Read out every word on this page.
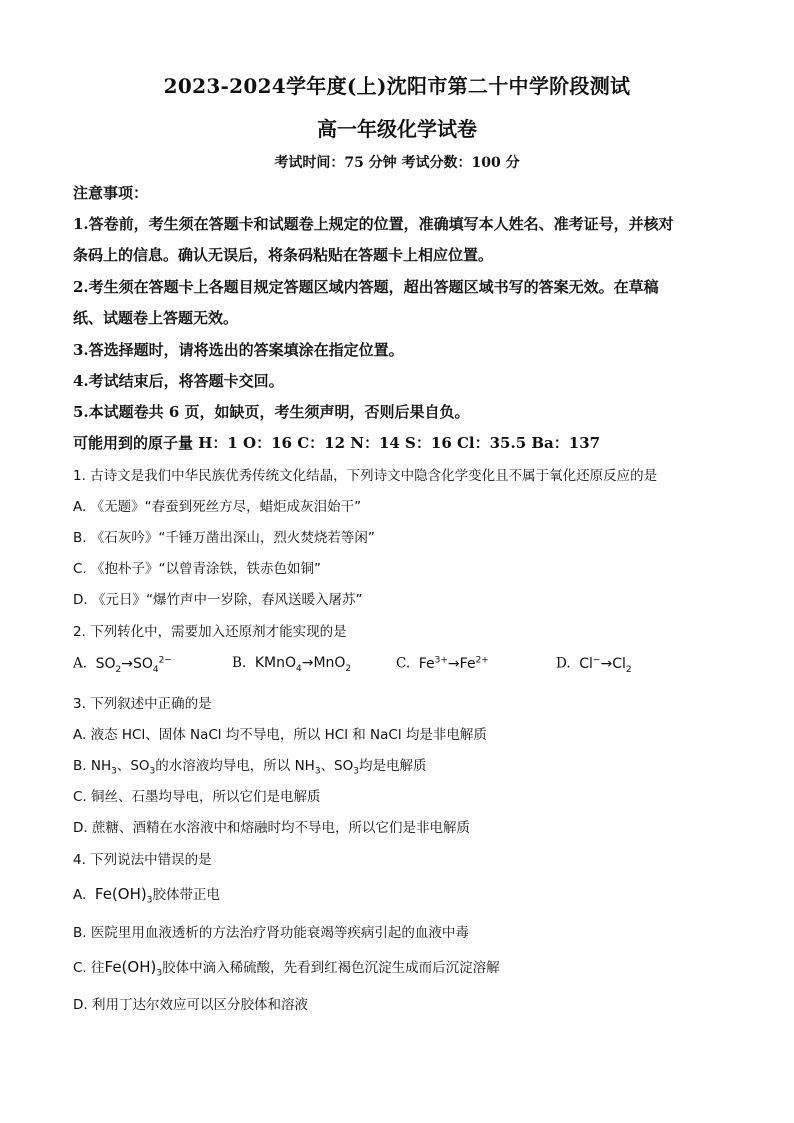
2023-2024学年度(上)沈阳市第二十中学阶段测试
高一年级化学试卷
考试时间：75 分钟 考试分数：100 分
注意事项：
1.答卷前，考生须在答题卡和试题卷上规定的位置，准确填写本人姓名、准考证号，并核对
条码上的信息。确认无误后，将条码粘贴在答题卡上相应位置。
2.考生须在答题卡上各题目规定答题区域内答题，超出答题区域书写的答案无效。在草稿
纸、试题卷上答题无效。
3.答选择题时，请将选出的答案填涂在指定位置。
4.考试结束后，将答题卡交回。
5.本试题卷共 6 页，如缺页，考生须声明，否则后果自负。
可能用到的原子量 H：1 O：16 C：12 N：14 S：16 Cl：35.5 Ba：137
1. 古诗文是我们中华民族优秀传统文化结晶，下列诗文中隐含化学变化且不属于氧化还原反应的是
A. 《无题》“春蚕到死丝方尽，蜡炬成灰泪始干”
B. 《石灰吟》“千锤万凿出深山，烈火焚烧若等闲”
C. 《抱朴子》“以曾青涂铁，铁赤色如铜”
D. 《元日》“爆竹声中一岁除，春风送暖入屠苏”
2. 下列转化中，需要加入还原剂才能实现的是
A. $SO_2\to SO_4^{2-}$	B. KMnO$_4$→MnO$_2$	C. $Fe^{3+}\to Fe^{2+}$	D. $Cl^-\to Cl_2$
3. 下列叙述中正确的是
A. 液态 HCl、固体 NaCl 均不导电，所以 HCl 和 NaCl 均是非电解质
B. $NH_3$、$SO_3$的水溶液均导电，所以 $NH_3$、$SO_3$均是电解质
C. 铜丝、石墨均导电，所以它们是电解质
D. 蔗糖、酒精在水溶液中和熔融时均不导电，所以它们是非电解质
4. 下列说法中错误的是
A. $Fe(OH)_3$胶体带正电
B. 医院里用血液透析的方法治疗肾功能衰竭等疾病引起的血液中毒
C. 往$Fe(OH)_3$胶体中滴入稀硫酸，先看到红褐色沉淀生成而后沉淀溶解
D. 利用丁达尔效应可以区分胶体和溶液
